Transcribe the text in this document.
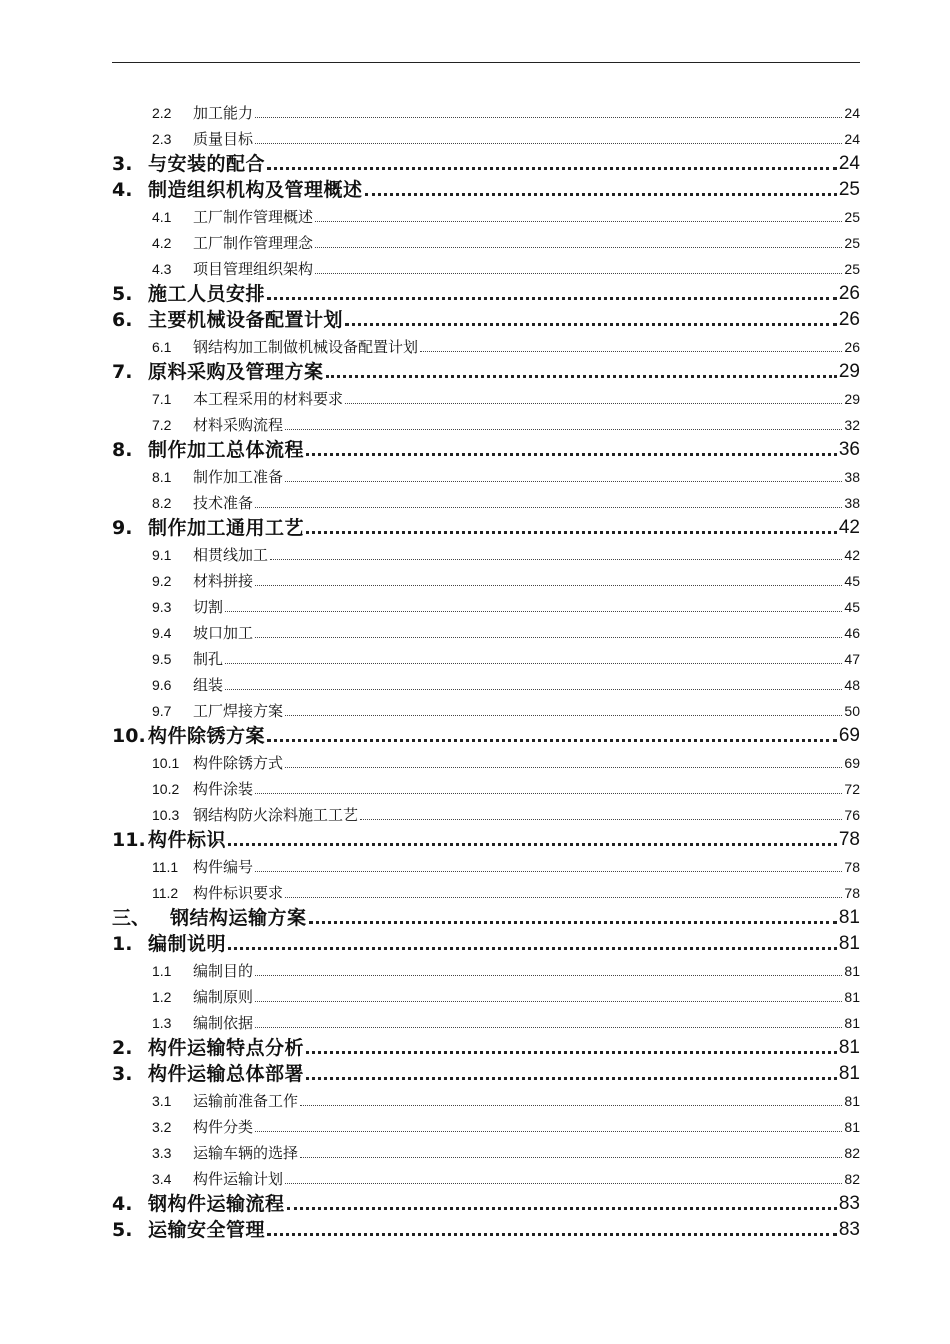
2.2	加工能力	24
2.3	质量目标	24
3. 与安装的配合	24
4. 制造组织机构及管理概述	25
4.1	工厂制作管理概述	25
4.2	工厂制作管理理念	25
4.3	项目管理组织架构	25
5. 施工人员安排	26
6. 主要机械设备配置计划	26
6.1	钢结构加工制做机械设备配置计划	26
7. 原料采购及管理方案	29
7.1	本工程采用的材料要求	29
7.2	材料采购流程	32
8. 制作加工总体流程	36
8.1	制作加工准备	38
8.2	技术准备	38
9. 制作加工通用工艺	42
9.1	相贯线加工	42
9.2	材料拼接	45
9.3	切割	45
9.4	坡口加工	46
9.5	制孔	47
9.6	组装	48
9.7	工厂焊接方案	50
10. 构件除锈方案	69
10.1 构件除锈方式	69
10.2 构件涂装	72
10.3 钢结构防火涂料施工工艺	76
11. 构件标识	78
11.1 构件编号	78
11.2 构件标识要求	78
三、	钢结构运输方案	81
1. 编制说明	81
1.1	编制目的	81
1.2	编制原则	81
1.3	编制依据	81
2. 构件运输特点分析	81
3. 构件运输总体部署	81
3.1	运输前准备工作	81
3.2	构件分类	81
3.3	运输车辆的选择	82
3.4	构件运输计划	82
4. 钢构件运输流程	83
5. 运输安全管理	83
